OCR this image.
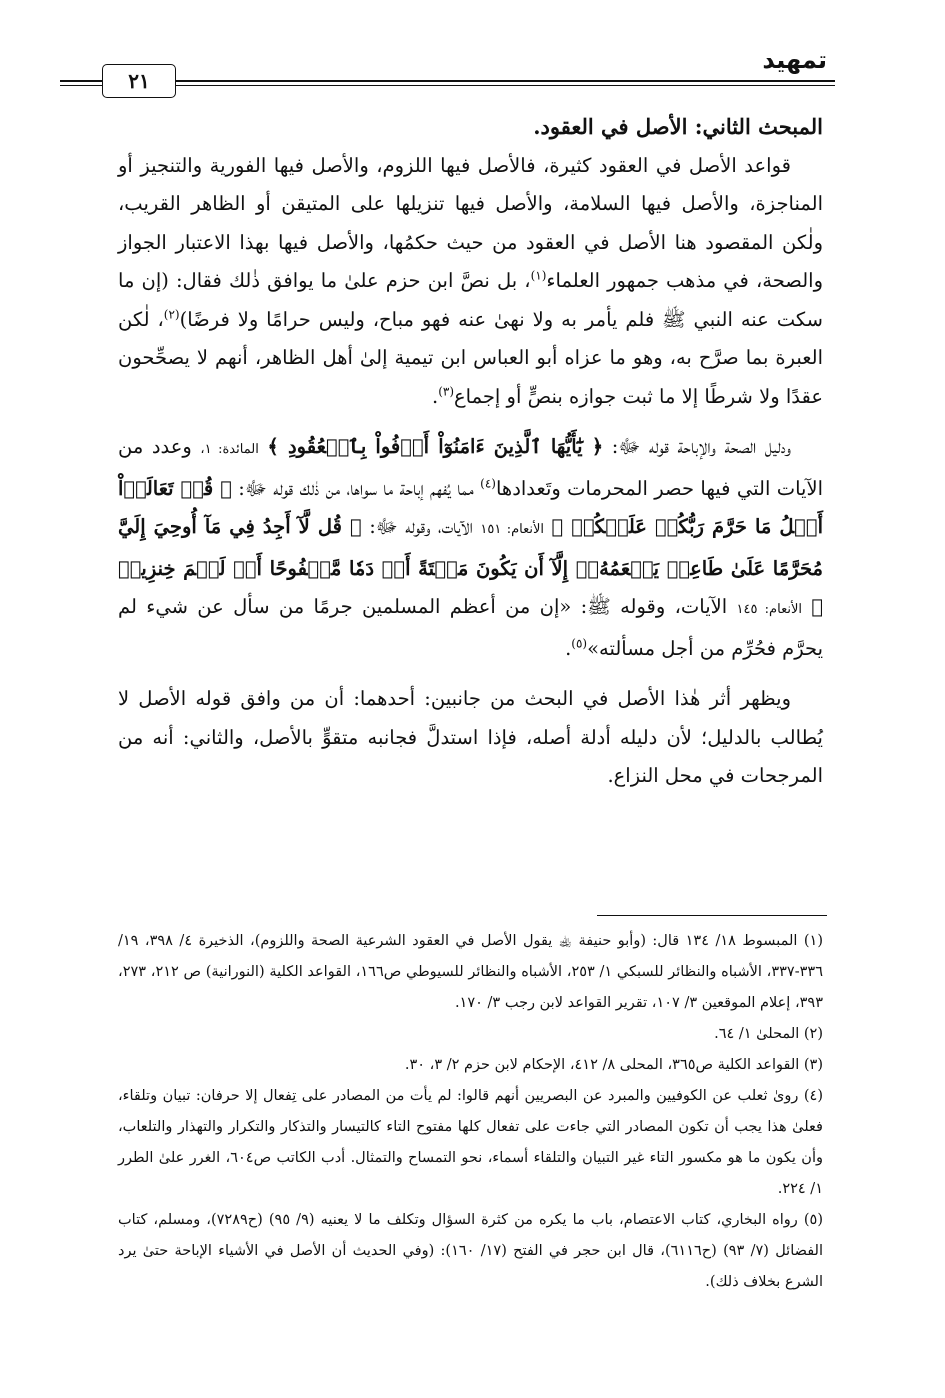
تمهيد
٢١

المبحث الثاني: الأصل في العقود.

قواعد الأصل في العقود كثيرة، فالأصل فيها اللزوم، والأصل فيها الفورية والتنجيز أو المناجزة، والأصل فيها السلامة، والأصل فيها تنزيلها على المتيقن أو الظاهر القريب، ولٰكن المقصود هنا الأصل في العقود من حيث حكمُها، والأصل فيها بهذا الاعتبار الجواز والصحة، في مذهب جمهور العلماء$^{(١)}$، بل نصَّ ابن حزم علىٰ ما يوافق ذٰلك فقال: (إن ما سكت عنه النبي ﷺ فلم يأمر به ولا نهىٰ عنه فهو مباح، وليس حرامًا ولا فرضًا)$^{(٢)}$، لٰكن العبرة بما صرَّح به، وهو ما عزاه أبو العباس ابن تيمية إلىٰ أهل الظاهر، أنهم لا يصحِّحون عقدًا ولا شرطًا إلا ما ثبت جوازه بنصٍّ أو إجماع$^{(٣)}$.

ودليل الصحة والإباحة قوله ﷻ: ﴿ يَٰٓأَيُّهَا ٱلَّذِينَ ءَامَنُوٓاْ أَوۡفُواْ بِٱلۡعُقُودِ ﴾ المائدة: ١، وعدد من الآيات التي فيها حصر المحرمات وتَعدادها$^{(٤)}$ مما يُفهم إباحة ما سواها، من ذٰلك قوله ﷻ: ﴿ قُلۡ تَعَالَوۡاْ أَتۡلُ مَا حَرَّمَ رَبُّكُمۡ عَلَيۡكُمۡ ﴾ الأنعام: ١٥١ الآيات، وقوله ﷻ: ﴿ قُل لَّآ أَجِدُ فِي مَآ أُوحِيَ إِلَيَّ مُحَرَّمًا عَلَىٰ طَاعِمٖ يَطۡعَمُهُۥٓ إِلَّآ أَن يَكُونَ مَيۡتَةً أَوۡ دَمٗا مَّسۡفُوحًا أَوۡ لَحۡمَ خِنزِيرٖ ﴾ الأنعام: ١٤٥ الآيات، وقوله ﷺ: «إن من أعظم المسلمين جرمًا من سأل عن شيء لم يحرَّم فحُرِّم من أجل مسألته»$^{(٥)}$.

ويظهر أثر هٰذا الأصل في البحث من جانبين: أحدهما: أن من وافق قوله الأصل لا يُطالب بالدليل؛ لأن دليله أدلة أصله، فإذا استدلَّ فجانبه متقوٍّ بالأصل، والثاني: أنه من المرجحات في محل النزاع.

(١) المبسوط ١٨/ ١٣٤ قال: (وأبو حنيفة ﵀ يقول الأصل في العقود الشرعية الصحة واللزوم)، الذخيرة ٤/ ٣٩٨، ١٩/ ٣٣٦-٣٣٧، الأشباه والنظائر للسبكي ١/ ٢٥٣، الأشباه والنظائر للسيوطي ص١٦٦، القواعد الكلية (النورانية) ص ٢١٢، ٢٧٣، ٣٩٣، إعلام الموقعين ٣/ ١٠٧، تقرير القواعد لابن رجب ٣/ ١٧٠.

(٢) المحلىٰ ١/ ٦٤.

(٣) القواعد الكلية ص٣٦٥، المحلى ٨/ ٤١٢، الإحكام لابن حزم ٢/ ٣، ٣٠.

(٤) روىٰ ثعلب عن الكوفيين والمبرد عن البصريين أنهم قالوا: لم يأت من المصادر على تِفعال إلا حرفان: تبيان وتلقاء، فعلىٰ هذا يجب أن تكون المصادر التي جاءت على تفعال كلها مفتوح التاء كالتيسار والتذكار والتكرار والتهذار والتلعاب، وأن يكون ما هو مكسور التاء غير التبيان والتلقاء أسماء، نحو التمساح والتمثال. أدب الكاتب ص٦٠٤، الغرر علىٰ الطرر ١/ ٢٢٤.

(٥) رواه البخاري، كتاب الاعتصام، باب ما يكره من كثرة السؤال وتكلف ما لا يعنيه (٩/ ٩٥) (ح٧٢٨٩)، ومسلم، كتاب الفضائل (٧/ ٩٣) (ح٦١١٦)، قال ابن حجر في الفتح (١٧/ ١٦٠): (وفي الحديث أن الأصل في الأشياء الإباحة حتىٰ يرد الشرع بخلاف ذلك).
